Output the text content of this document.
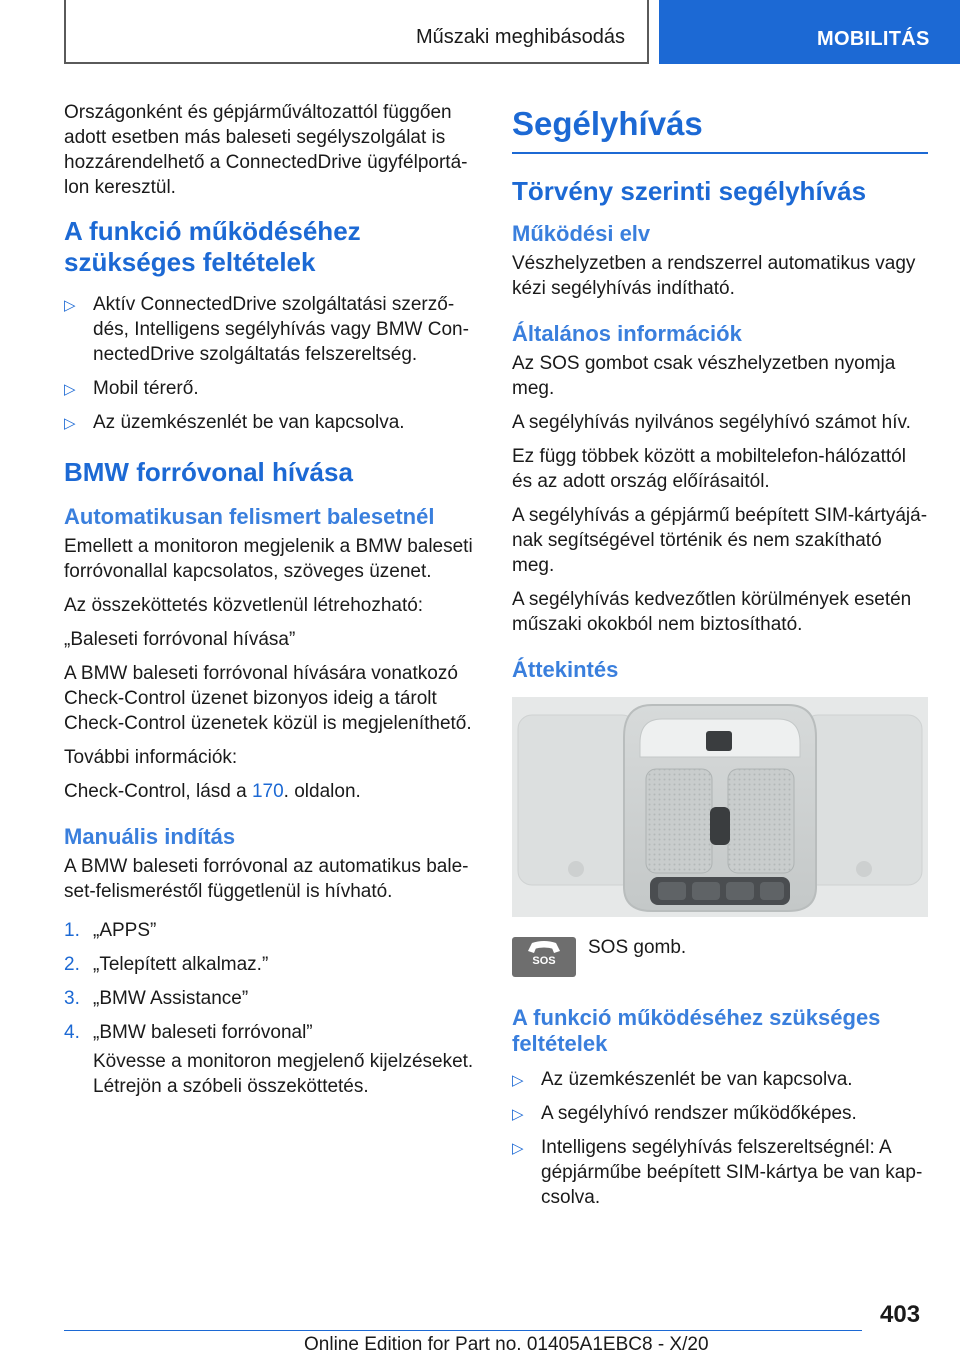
Műszaki meghibásodás	MOBILITÁS

Országonként és gépjárműváltozattól függően adott esetben más baleseti segélyszolgálat is hozzárendelhető a ConnectedDrive ügyfélportálon keresztül.

A funkció működéséhez szükséges feltételek
▷ Aktív ConnectedDrive szolgáltatási szerződés, Intelligens segélyhívás vagy BMW ConnectedDrive szolgáltatás felszereltség.
▷ Mobil térerő.
▷ Az üzemkészenlét be van kapcsolva.
BMW forróvonal hívása
Automatikusan felismert balesetnél

Emellett a monitoron megjelenik a BMW baleseti forróvonallal kapcsolatos, szöveges üzenet.

Az összeköttetés közvetlenül létrehozható:

„Baleseti forróvonal hívása”

A BMW baleseti forróvonal hívására vonatkozó Check-Control üzenet bizonyos ideig a tárolt Check-Control üzenetek közül is megjeleníthető.

További információk:

Check-Control, lásd a 170. oldalon.

Manuális indítás

A BMW baleseti forróvonal az automatikus baleset-felismeréstől függetlenül is hívható.

1. „APPS”
2. „Telepített alkalmaz.”
3. „BMW Assistance”
4. „BMW baleseti forróvonal”
Kövesse a monitoron megjelenő kijelzéseket. Létrejön a szóbeli összeköttetés.
Segélyhívás
Törvény szerinti segélyhívás
Működési elv

Vészhelyzetben a rendszerrel automatikus vagy kézi segélyhívás indítható.

Általános információk

Az SOS gombot csak vészhelyzetben nyomja meg.

A segélyhívás nyilvános segélyhívó számot hív.

Ez függ többek között a mobiltelefon-hálózattól és az adott ország előírásaitól.

A segélyhívás a gépjármű beépített SIM-kártyájának segítségével történik és nem szakítható meg.

A segélyhívás kedvezőtlen körülmények esetén műszaki okokból nem biztosítható.

Áttekintés
SOS
SOS gomb.
A funkció működéséhez szükséges feltételek
▷ Az üzemkészenlét be van kapcsolva.
▷ A segélyhívó rendszer működőképes.
▷ Intelligens segélyhívás felszereltségnél: A gépjárműbe beépített SIM-kártya be van kapcsolva.
403
Online Edition for Part no. 01405A1EBC8 - X/20
